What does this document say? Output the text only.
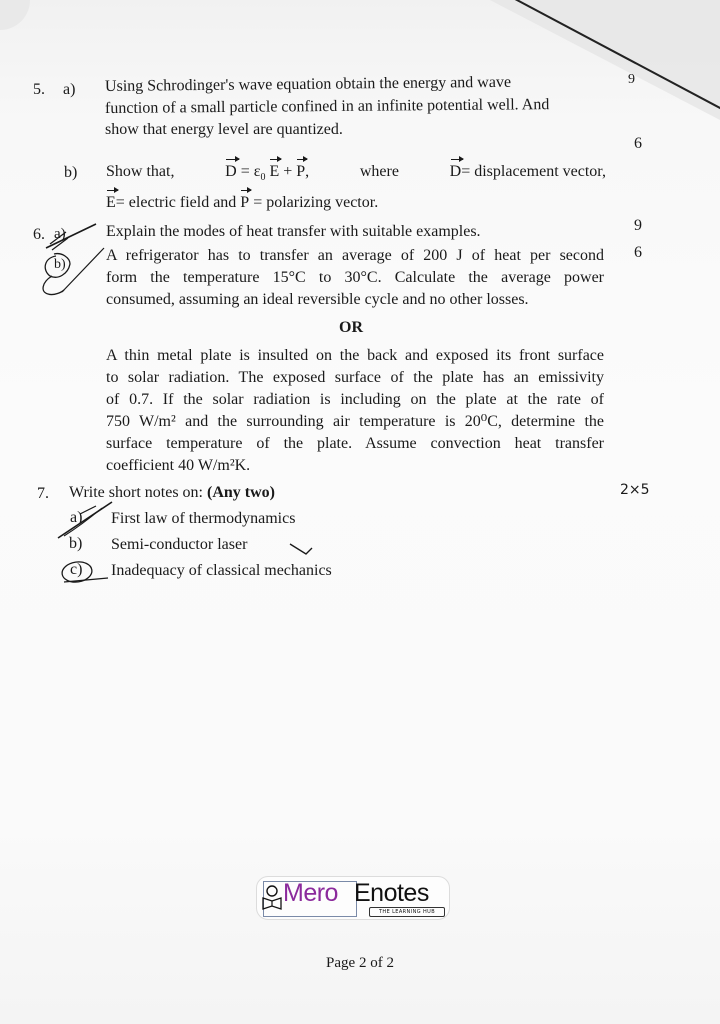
5. a) Using Schrodinger's wave equation obtain the energy and wave
function of a small particle confined in an infinite potential well. And
show that energy level are quantized.
9
6
b) Show that,	$D = \varepsilon_0$ E + P,	where	D= displacement vector,
E= electric field and P = polarizing vector.
6.	Explain the modes of heat transfer with suitable examples.	9
A refrigerator has to transfer an average of 200 J of heat per second
form the temperature 15°C to 30°C. Calculate the average power
consumed, assuming an ideal reversible cycle and no other losses.
6
OR
A thin metal plate is insulted on the back and exposed its front surface
to solar radiation. The exposed surface of the plate has an emissivity
of 0.7. If the solar radiation is including on the plate at the rate of
750 W/m² and the surrounding air temperature is 20⁰C, determine the
surface temperature of the plate. Assume convection heat transfer
coefficient 40 W/m²K.
a)
b)
7. Write short notes on: (Any two)	2×5
a) First law of thermodynamics
b) Semi-conductor laser
c) Inadequacy of classical mechanics
Mero Enotes
THE LEARNING HUB
Page 2 of 2
